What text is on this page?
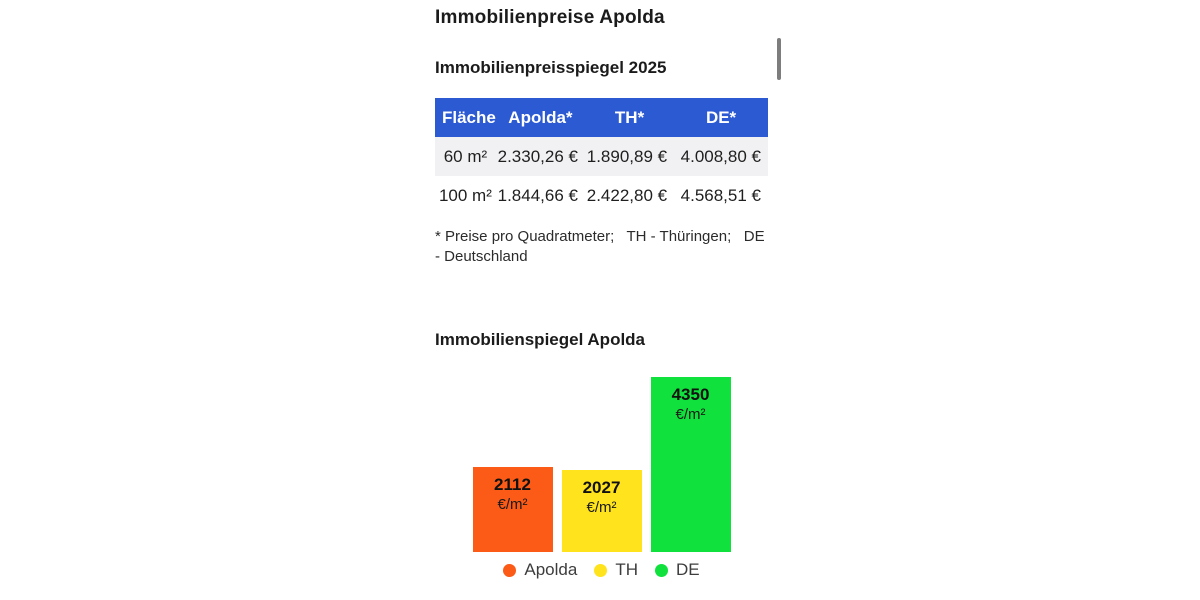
Immobilienpreise Apolda
Immobilienpreisspiegel 2025
Fläche	Apolda*	TH*	DE*
60 m²	2.330,26 €	1.890,89 €	4.008,80 €
100 m²	1.844,66 €	2.422,80 €	4.568,51 €

* Preise pro Quadratmeter;   TH - Thüringen;   DE - Deutschland

Immobilienspiegel Apolda
2112
€/m²
2027
€/m²
4350
€/m²
Apolda TH DE
